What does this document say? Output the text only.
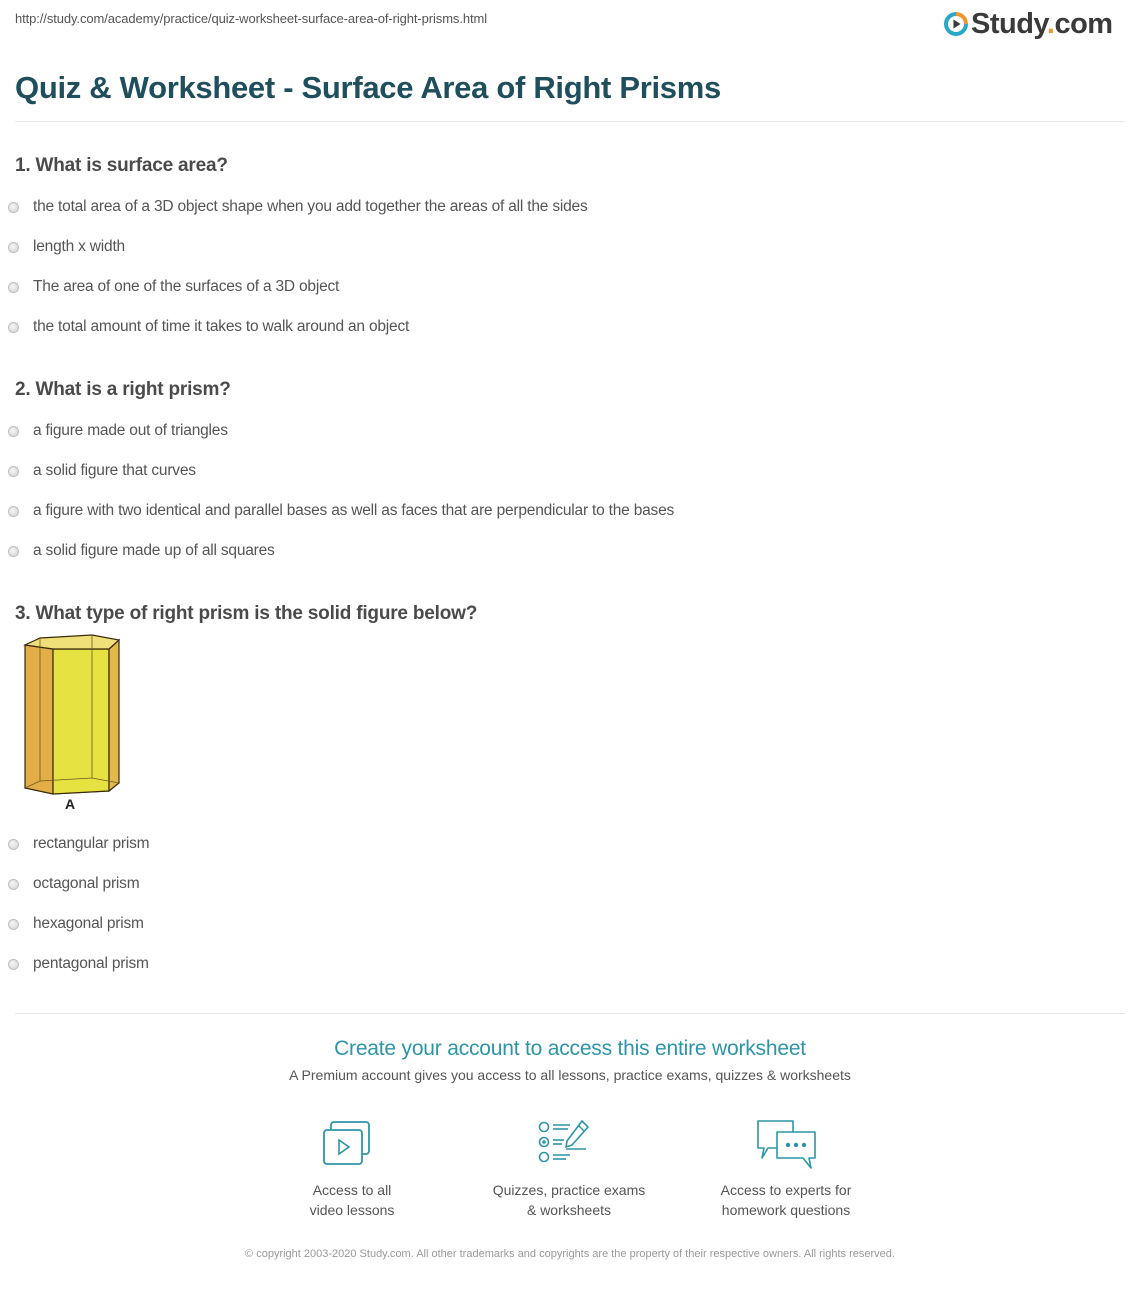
http://study.com/academy/practice/quiz-worksheet-surface-area-of-right-prisms.html	Study.com
Quiz & Worksheet - Surface Area of Right Prisms
1. What is surface area?
the total area of a 3D object shape when you add together the areas of all the sides
length x width
The area of one of the surfaces of a 3D object
the total amount of time it takes to walk around an object
2. What is a right prism?
a figure made out of triangles
a solid figure that curves
a figure with two identical and parallel bases as well as faces that are perpendicular to the bases
a solid figure made up of all squares
3. What type of right prism is the solid figure below?
A
rectangular prism
octagonal prism
hexagonal prism
pentagonal prism
Create your account to access this entire worksheet
A Premium account gives you access to all lessons, practice exams, quizzes & worksheets
Access to all
video lessons
Quizzes, practice exams
& worksheets
Access to experts for
homework questions
© copyright 2003-2020 Study.com. All other trademarks and copyrights are the property of their respective owners. All rights reserved.
